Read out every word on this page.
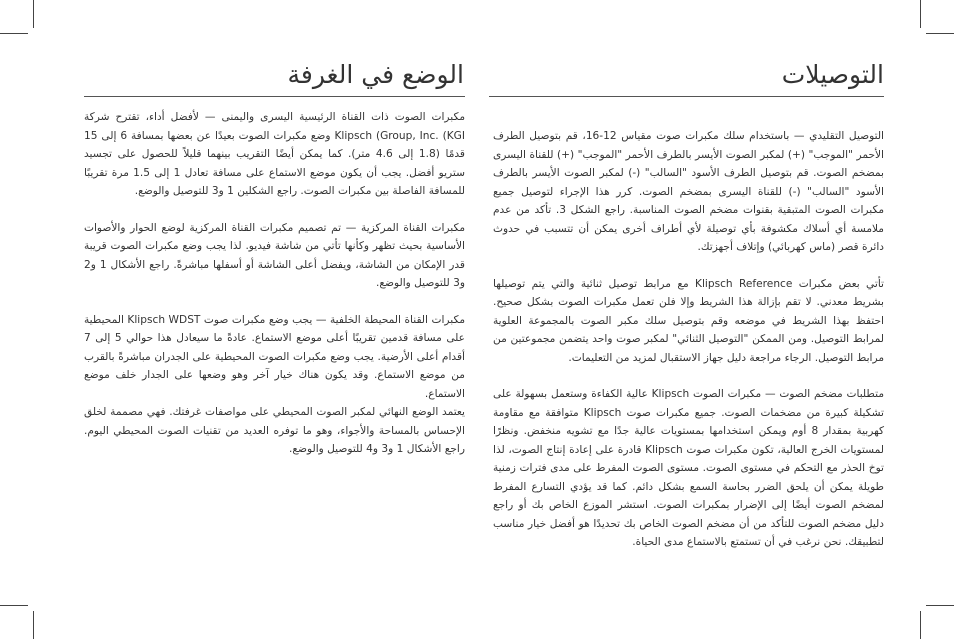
الوضع في الغرفة

مكبرات الصوت ذات القناة الرئيسية اليسرى واليمنى — لأفضل أداء، تقترح شركة Klipsch (Group, Inc. (KGI وضع مكبرات الصوت بعيدًا عن بعضها بمسافة 6 إلى 15 قدمًا (1.8 إلى 4.6 متر). كما يمكن أيضًا التقريب بينهما قليلاً للحصول على تجسيد ستريو أفضل. يجب أن يكون موضع الاستماع على مسافة تعادل 1 إلى 1.5 مرة تقريبًا للمسافة الفاصلة بين مكبرات الصوت. راجع الشكلين 1 و3 للتوصيل والوضع.

مكبرات القناة المركزية — تم تصميم مكبرات القناة المركزية لوضع الحوار والأصوات الأساسية بحيث تظهر وكأنها تأتي من شاشة فيديو. لذا يجب وضع مكبرات الصوت قريبة قدر الإمكان من الشاشة، ويفضل أعلى الشاشة أو أسفلها مباشرةً. راجع الأشكال 1 و2 و3 للتوصيل والوضع.

مكبرات القناة المحيطة الخلفية — يجب وضع مكبرات صوت Klipsch WDST المحيطية على مسافة قدمين تقريبًا أعلى موضع الاستماع. عادةً ما سيعادل هذا حوالي 5 إلى 7 أقدام أعلى الأرضية. يجب وضع مكبرات الصوت المحيطية على الجدران مباشرةً بالقرب من موضع الاستماع. وقد يكون هناك خيار آخر وهو وضعها على الجدار خلف موضع الاستماع.

يعتمد الوضع النهائي لمكبر الصوت المحيطي على مواصفات غرفتك. فهي مصممة لخلق الإحساس بالمساحة والأجواء، وهو ما توفره العديد من تقنيات الصوت المحيطي اليوم. راجع الأشكال 1 و3 و4 للتوصيل والوضع.

التوصيلات

التوصيل التقليدي — باستخدام سلك مكبرات صوت مقياس 12-16، قم بتوصيل الطرف الأحمر "الموجب" (+) لمكبر الصوت الأيسر بالطرف الأحمر "الموجب" (+) للقناة اليسرى بمضخم الصوت. قم بتوصيل الطرف الأسود "السالب" (-) لمكبر الصوت الأيسر بالطرف الأسود "السالب" (-) للقناة اليسرى بمضخم الصوت. كرر هذا الإجراء لتوصيل جميع مكبرات الصوت المتبقية بقنوات مضخم الصوت المناسبة. راجع الشكل 3. تأكد من عدم ملامسة أي أسلاك مكشوفة بأي توصيلة لأي أطراف أخرى يمكن أن تتسبب في حدوث دائرة قصر (ماس كهربائي) وإتلاف أجهزتك.

تأتي بعض مكبرات Klipsch Reference مع مرابط توصيل ثنائية والتي يتم توصيلها بشريط معدني. لا تقم بإزالة هذا الشريط وإلا فلن تعمل مكبرات الصوت بشكل صحيح. احتفظ بهذا الشريط في موضعه وقم بتوصيل سلك مكبر الصوت بالمجموعة العلوية لمرابط التوصيل. ومن الممكن "التوصيل الثنائي" لمكبر صوت واحد يتضمن مجموعتين من مرابط التوصيل. الرجاء مراجعة دليل جهاز الاستقبال لمزيد من التعليمات.

متطلبات مضخم الصوت — مكبرات الصوت Klipsch عالية الكفاءة وستعمل بسهولة على تشكيلة كبيرة من مضخمات الصوت. جميع مكبرات صوت Klipsch متوافقة مع مقاومة كهربية بمقدار 8 أوم ويمكن استخدامها بمستويات عالية جدًا مع تشويه منخفض. ونظرًا لمستويات الخرج العالية، تكون مكبرات صوت Klipsch قادرة على إعادة إنتاج الصوت، لذا توخ الحذر مع التحكم في مستوى الصوت. مستوى الصوت المفرط على مدى فترات زمنية طويلة يمكن أن يلحق الضرر بحاسة السمع بشكل دائم. كما قد يؤدي التسارع المفرط لمضخم الصوت أيضًا إلى الإضرار بمكبرات الصوت. استشر الموزع الخاص بك أو راجع دليل مضخم الصوت للتأكد من أن مضخم الصوت الخاص بك تحديدًا هو أفضل خيار مناسب لتطبيقك. نحن نرغب في أن تستمتع بالاستماع مدى الحياة.
